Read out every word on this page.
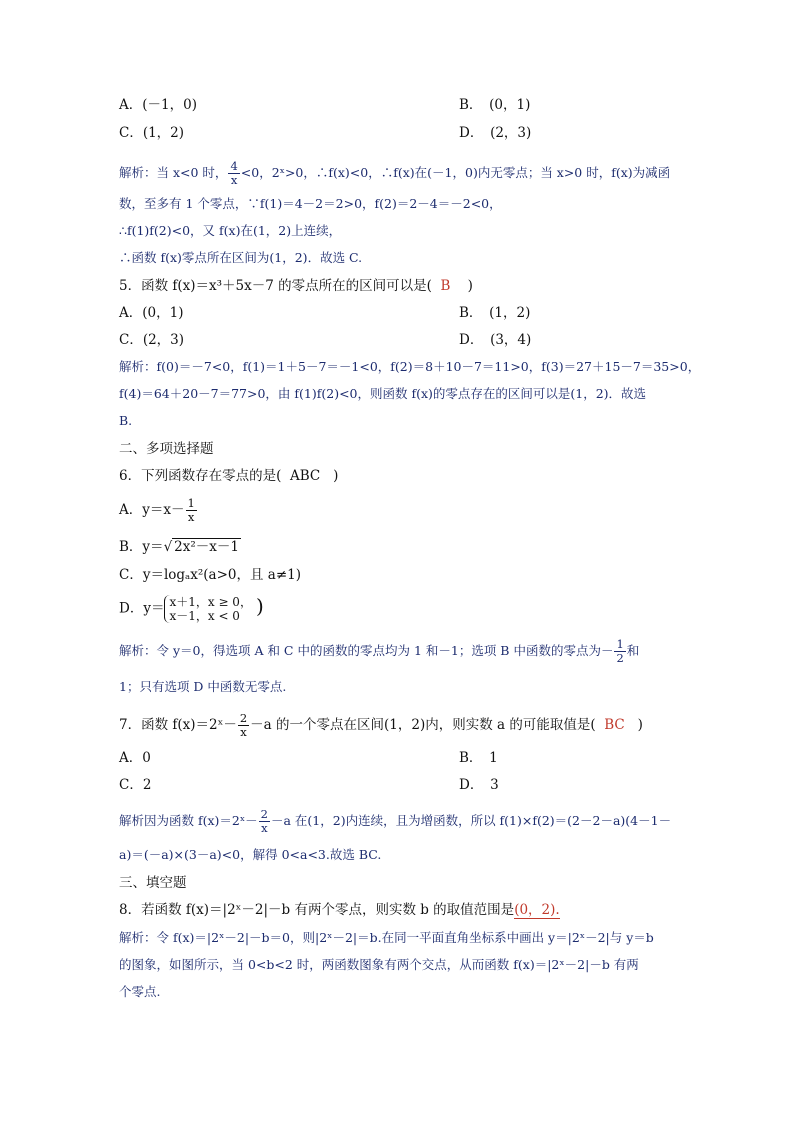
A．(－1，0)	B．　(0，1)
C．(1，2)	D．　(2，3)
解析：当 x<0 时， $\frac{4}{x} <0$，2ˣ>0，∴f(x)<0，∴f(x)在(－1，0)内无零点；当 x>0 时，f(x)为减函
数，至多有 1 个零点，∵f(1)＝4－2＝2>0，f(2)＝2－4＝－2<0，
∴f(1)f(2)<0，又 f(x)在(1，2)上连续，
∴函数 f(x)零点所在区间为(1，2)．故选 C.
5．函数 f(x)＝x³＋5x－7 的零点所在的区间可以是( B )
A．(0，1)	B．　(1，2)
C．(2，3)	D．　(3，4)
解析：f(0)＝－7<0，f(1)＝1＋5－7＝－1<0，f(2)＝8＋10－7＝11>0，f(3)＝27＋15－7＝35>0，
f(4)＝64＋20－7＝77>0，由 f(1)f(2)<0，则函数 f(x)的零点存在的区间可以是(1，2)．故选
B.
二、多项选择题
6．下列函数存在零点的是( ABC )
A．$y=x- \frac{1}{x}$
B．y＝√ 2x²－x－1
C．y＝logₐx²(a>0，且 a≠1)
D．y＝ x＋1，x ≥ 0，
x－1，x < 0 )
解析：令 y＝0，得选项 A 和 C 中的函数的零点均为 1 和－1；选项 B 中函数的零点为－ $\frac{1}{2}$ 和
1；只有选项 D 中函数无零点.
7．函数 f(x)＝2ˣ－ $\frac{2}{x} -a$ 的一个零点在区间(1，2)内，则实数 a 的可能取值是( BC )
A．0	B．　1
C．2	D．　3
解析因为函数 f(x)＝2ˣ－ $\frac{2}{x} -a$ 在(1，2)内连续，且为增函数，所以 f(1)×f(2)＝(2－2－a)(4－1－
a)＝(－a)×(3－a)<0，解得 0<a<3.故选 BC.
三、填空题
8．若函数 f(x)＝|2ˣ－2|－b 有两个零点，则实数 b 的取值范围是(0，2).
解析：令 f(x)＝|2ˣ－2|－b＝0，则|2ˣ－2|＝b.在同一平面直角坐标系中画出 y＝|2ˣ－2|与 y＝b
的图象，如图所示，当 0<b<2 时，两函数图象有两个交点，从而函数 f(x)＝|2ˣ－2|－b 有两
个零点.
